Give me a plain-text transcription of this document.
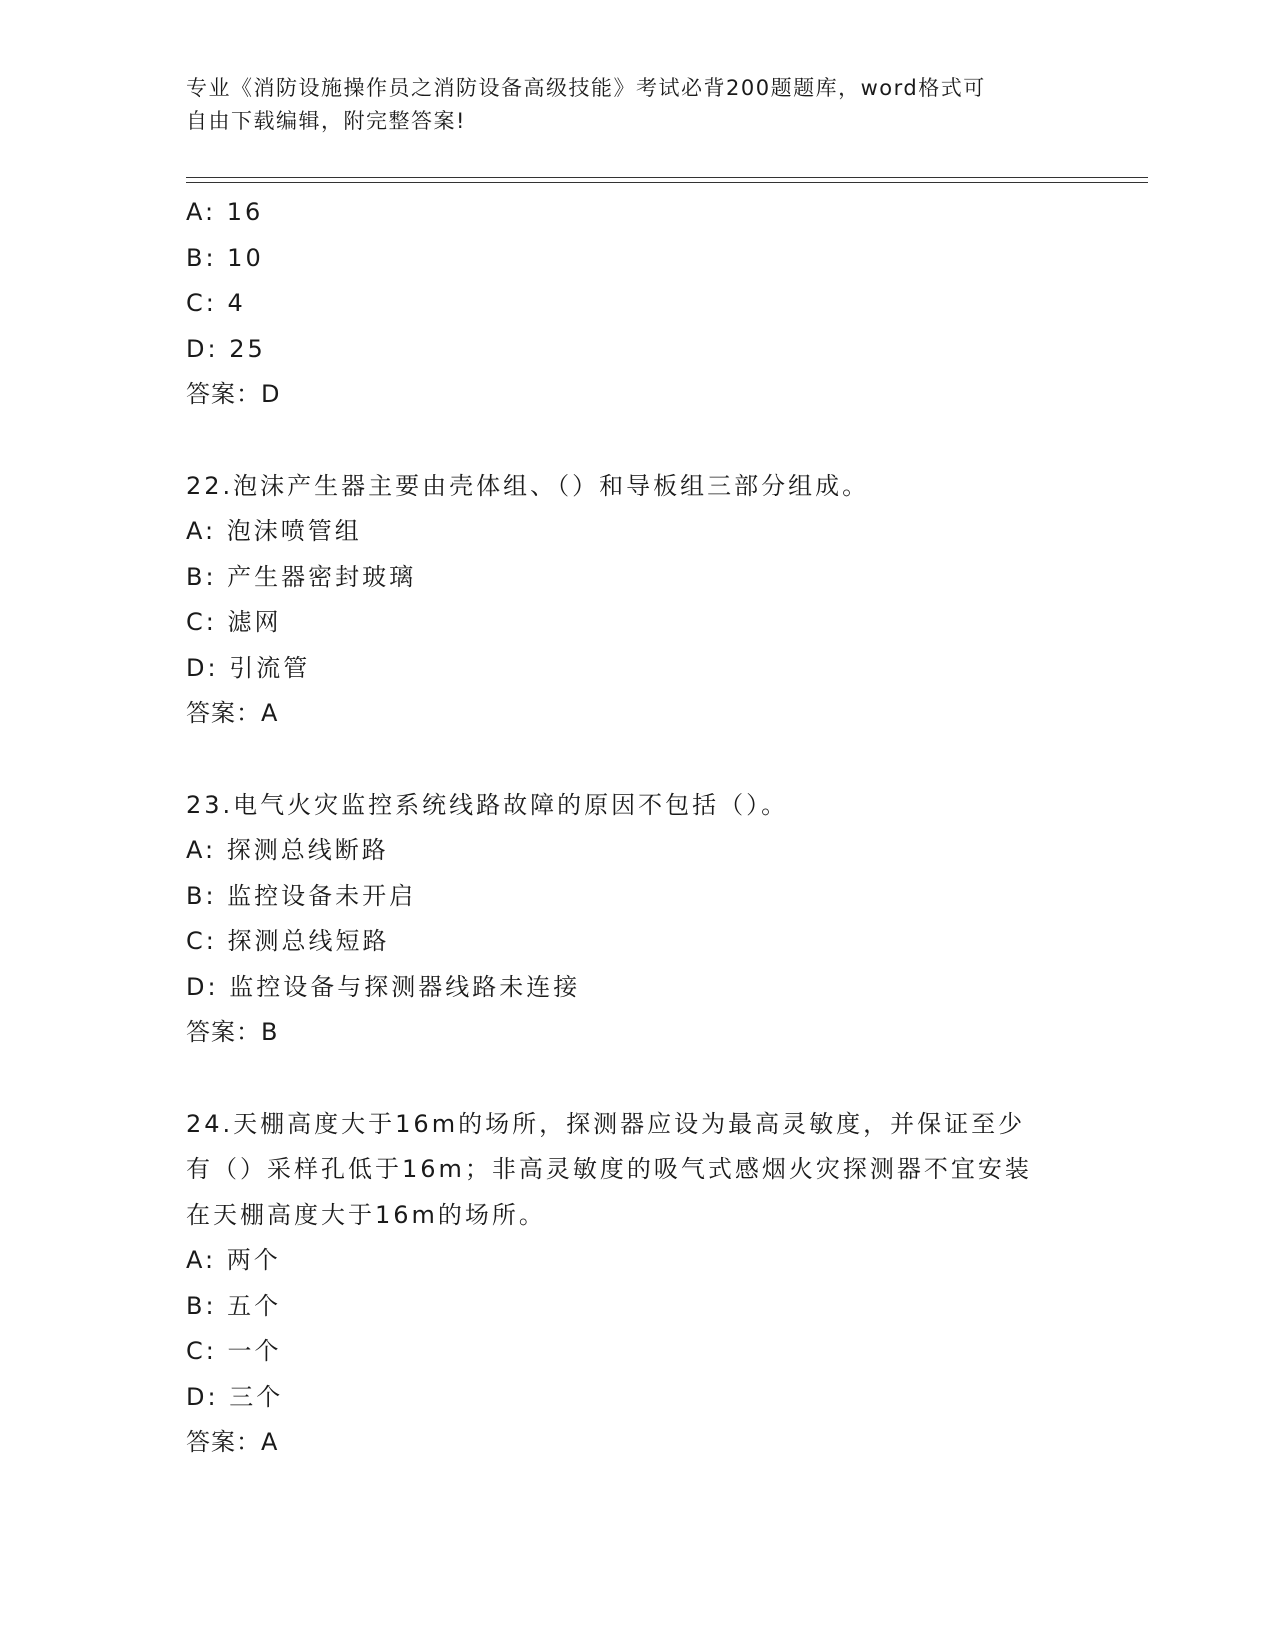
专业《消防设施操作员之消防设备高级技能》考试必背200题题库，word格式可
自由下载编辑，附完整答案!
A: 16
B: 10
C: 4
D: 25
答案：D
22.泡沫产生器主要由壳体组、（）和导板组三部分组成。
A: 泡沫喷管组
B: 产生器密封玻璃
C: 滤网
D: 引流管
答案：A
23.电气火灾监控系统线路故障的原因不包括（）。
A: 探测总线断路
B: 监控设备未开启
C: 探测总线短路
D: 监控设备与探测器线路未连接
答案：B
24.天棚高度大于16m的场所，探测器应设为最高灵敏度，并保证至少
有（）采样孔低于16m；非高灵敏度的吸气式感烟火灾探测器不宜安装
在天棚高度大于16m的场所。
A: 两个
B: 五个
C: 一个
D: 三个
答案：A
